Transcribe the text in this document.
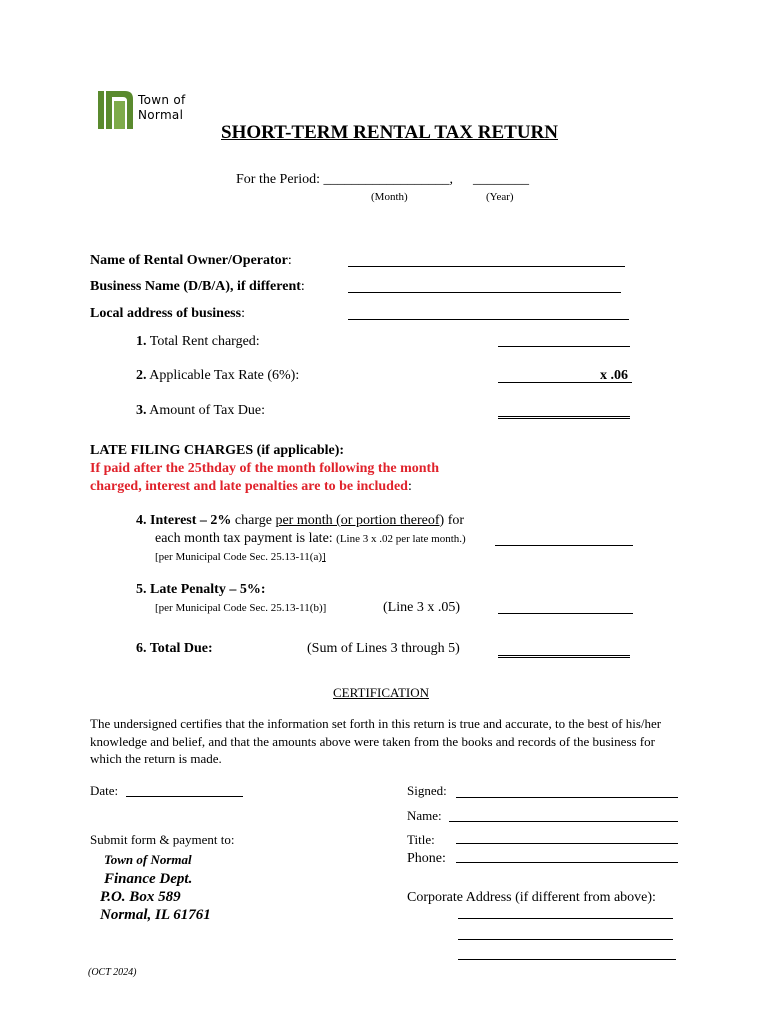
Town of
Normal
SHORT-TERM RENTAL TAX RETURN
For the Period: __________________, ________
(Month)	(Year)
Name of Rental Owner/Operator:
Business Name (D/B/A), if different:
Local address of business:
1. Total Rent charged:
2. Applicable Tax Rate (6%):	x .06
3. Amount of Tax Due:
LATE FILING CHARGES (if applicable):
If paid after the 25thday of the month following the month
charged, interest and late penalties are to be included:
4. Interest – 2% charge per month (or portion thereof) for
each month tax payment is late: (Line 3 x .02 per late month.)
[per Municipal Code Sec. 25.13-11(a)]
5. Late Penalty – 5%:
[per Municipal Code Sec. 25.13-11(b)]	(Line 3 x .05)
6. Total Due:	(Sum of Lines 3 through 5)
CERTIFICATION
The undersigned certifies that the information set forth in this return is true and accurate, to the best of his/her
knowledge and belief, and that the amounts above were taken from the books and records of the business for
which the return is made.
Date:	Signed:
Name:
Submit form & payment to:	Title:
Town of Normal	Phone:
Finance Dept.
P.O. Box 589
Normal, IL 61761
Corporate Address (if different from above):
(OCT 2024)
